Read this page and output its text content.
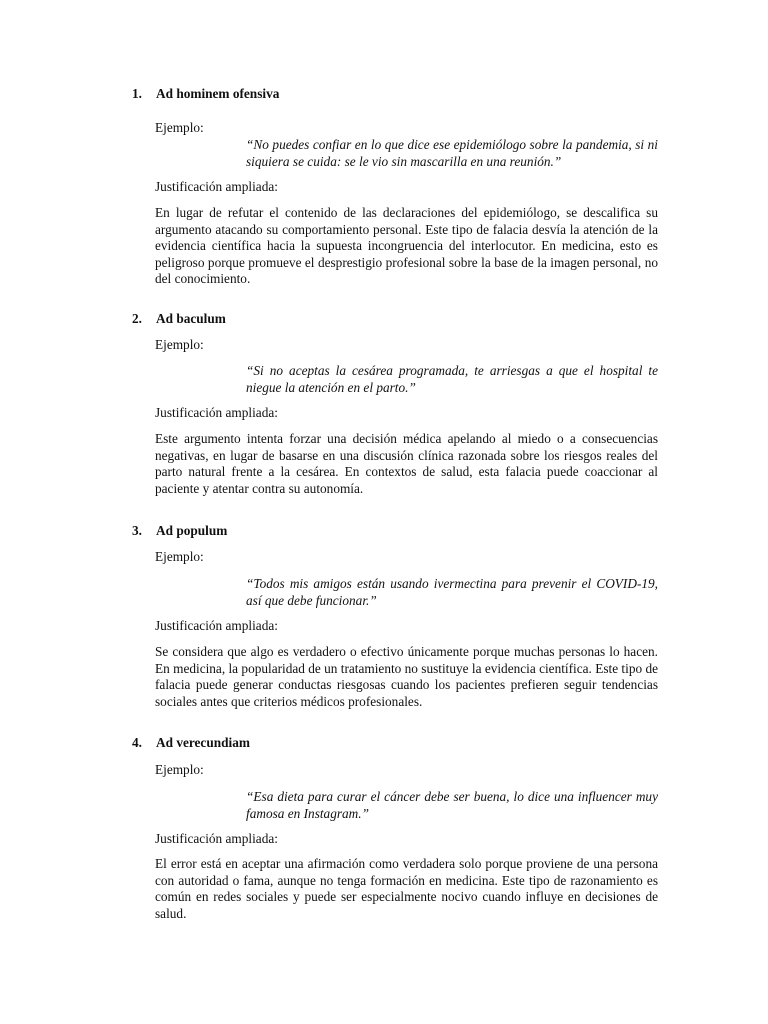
1. Ad hominem ofensiva
Ejemplo:
“No puedes confiar en lo que dice ese epidemiólogo sobre la pandemia, si ni siquiera se cuida: se le vio sin mascarilla en una reunión.”
Justificación ampliada:
En lugar de refutar el contenido de las declaraciones del epidemiólogo, se descalifica su argumento atacando su comportamiento personal. Este tipo de falacia desvía la atención de la evidencia científica hacia la supuesta incongruencia del interlocutor. En medicina, esto es peligroso porque promueve el desprestigio profesional sobre la base de la imagen personal, no del conocimiento.
2. Ad baculum
Ejemplo:
“Si no aceptas la cesárea programada, te arriesgas a que el hospital te niegue la atención en el parto.”
Justificación ampliada:
Este argumento intenta forzar una decisión médica apelando al miedo o a consecuencias negativas, en lugar de basarse en una discusión clínica razonada sobre los riesgos reales del parto natural frente a la cesárea. En contextos de salud, esta falacia puede coaccionar al paciente y atentar contra su autonomía.
3. Ad populum
Ejemplo:
“Todos mis amigos están usando ivermectina para prevenir el COVID-19, así que debe funcionar.”
Justificación ampliada:
Se considera que algo es verdadero o efectivo únicamente porque muchas personas lo hacen. En medicina, la popularidad de un tratamiento no sustituye la evidencia científica. Este tipo de falacia puede generar conductas riesgosas cuando los pacientes prefieren seguir tendencias sociales antes que criterios médicos profesionales.
4. Ad verecundiam
Ejemplo:
“Esa dieta para curar el cáncer debe ser buena, lo dice una influencer muy famosa en Instagram.”
Justificación ampliada:
El error está en aceptar una afirmación como verdadera solo porque proviene de una persona con autoridad o fama, aunque no tenga formación en medicina. Este tipo de razonamiento es común en redes sociales y puede ser especialmente nocivo cuando influye en decisiones de salud.
